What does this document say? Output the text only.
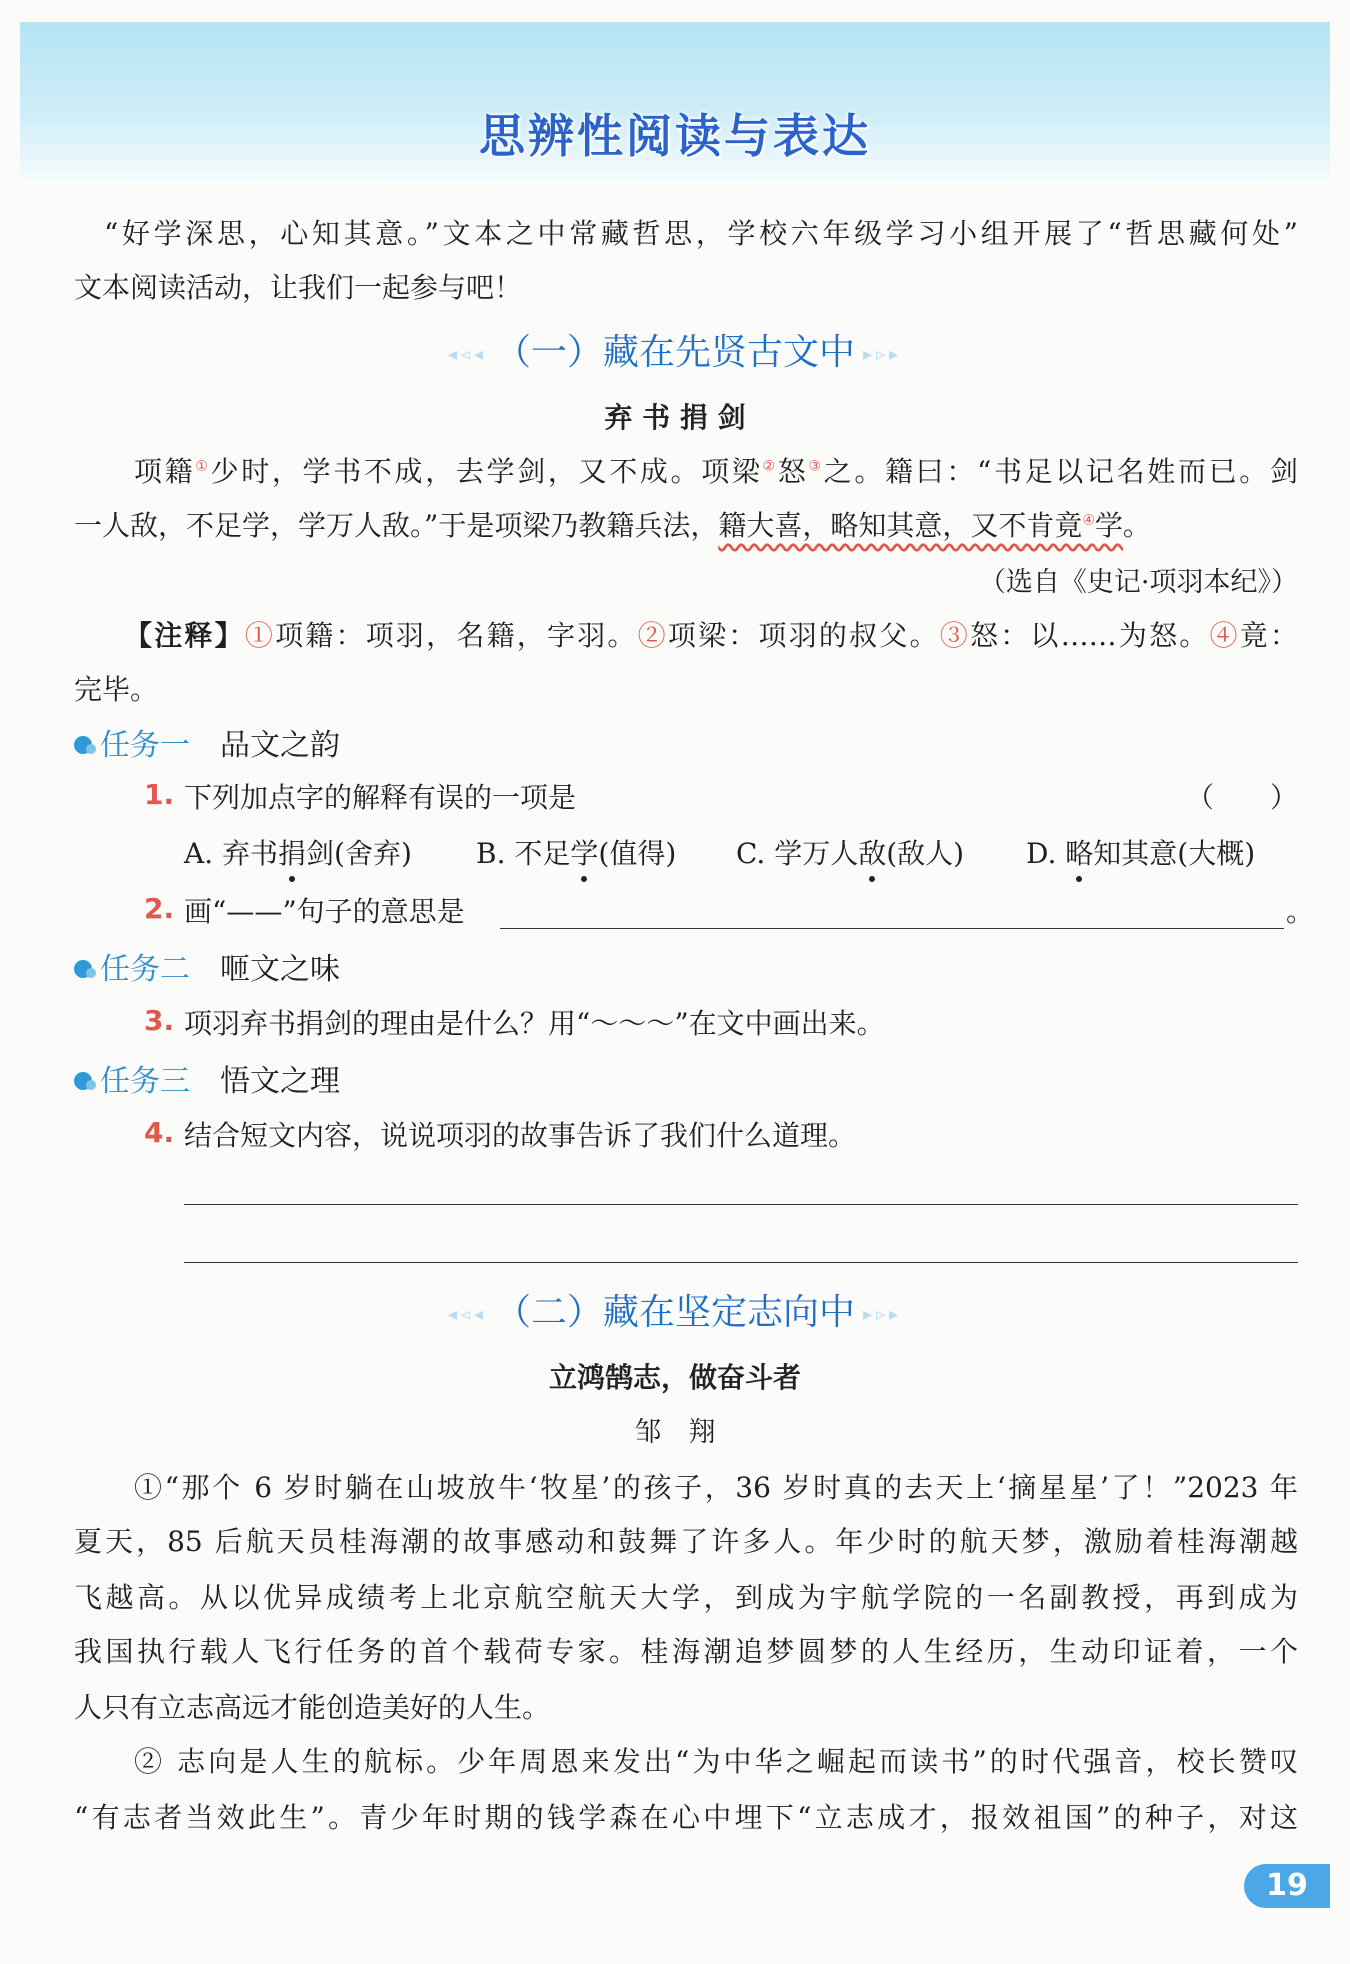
思辨性阅读与表达
“好学深思，心知其意。”文本之中常藏哲思，学校六年级学习小组开展了“哲思藏何处”
文本阅读活动，让我们一起参与吧！
◂◃◂ （一）藏在先贤古文中 ▸▹▸
弃 书 捐 剑
项籍①少时，学书不成，去学剑，又不成。项梁②怒③之。籍曰：“书足以记名姓而已。剑
一人敌，不足学，学万人敌。”于是项梁乃教籍兵法，籍大喜，略知其意，又不肯竟④学。
（选自《史记·项羽本纪》）
【注释】①项籍：项羽，名籍，字羽。②项梁：项羽的叔父。③怒：以……为怒。④竟：
完毕。
任务一 品文之韵
1. 下列加点字的解释有误的一项是	（　　）
A. 弃书捐剑(舍弃) B. 不足学(值得) C. 学万人敌(敌人) D. 略知其意(大概)
2. 画“——”句子的意思是	。
任务二 咂文之味
3. 项羽弃书捐剑的理由是什么？用“～～～”在文中画出来。
任务三 悟文之理
4. 结合短文内容，说说项羽的故事告诉了我们什么道理。
◂◃◂ （二）藏在坚定志向中 ▸▹▸
立鸿鹄志，做奋斗者
邹　翔
①“那个 6 岁时躺在山坡放牛‘牧星’的孩子，36 岁时真的去天上‘摘星星’了！”2023 年
夏天，85 后航天员桂海潮的故事感动和鼓舞了许多人。年少时的航天梦，激励着桂海潮越
飞越高。从以优异成绩考上北京航空航天大学，到成为宇航学院的一名副教授，再到成为
我国执行载人飞行任务的首个载荷专家。桂海潮追梦圆梦的人生经历，生动印证着，一个
人只有立志高远才能创造美好的人生。
② 志向是人生的航标。少年周恩来发出“为中华之崛起而读书”的时代强音，校长赞叹
“有志者当效此生”。青少年时期的钱学森在心中埋下“立志成才，报效祖国”的种子，对这
19
